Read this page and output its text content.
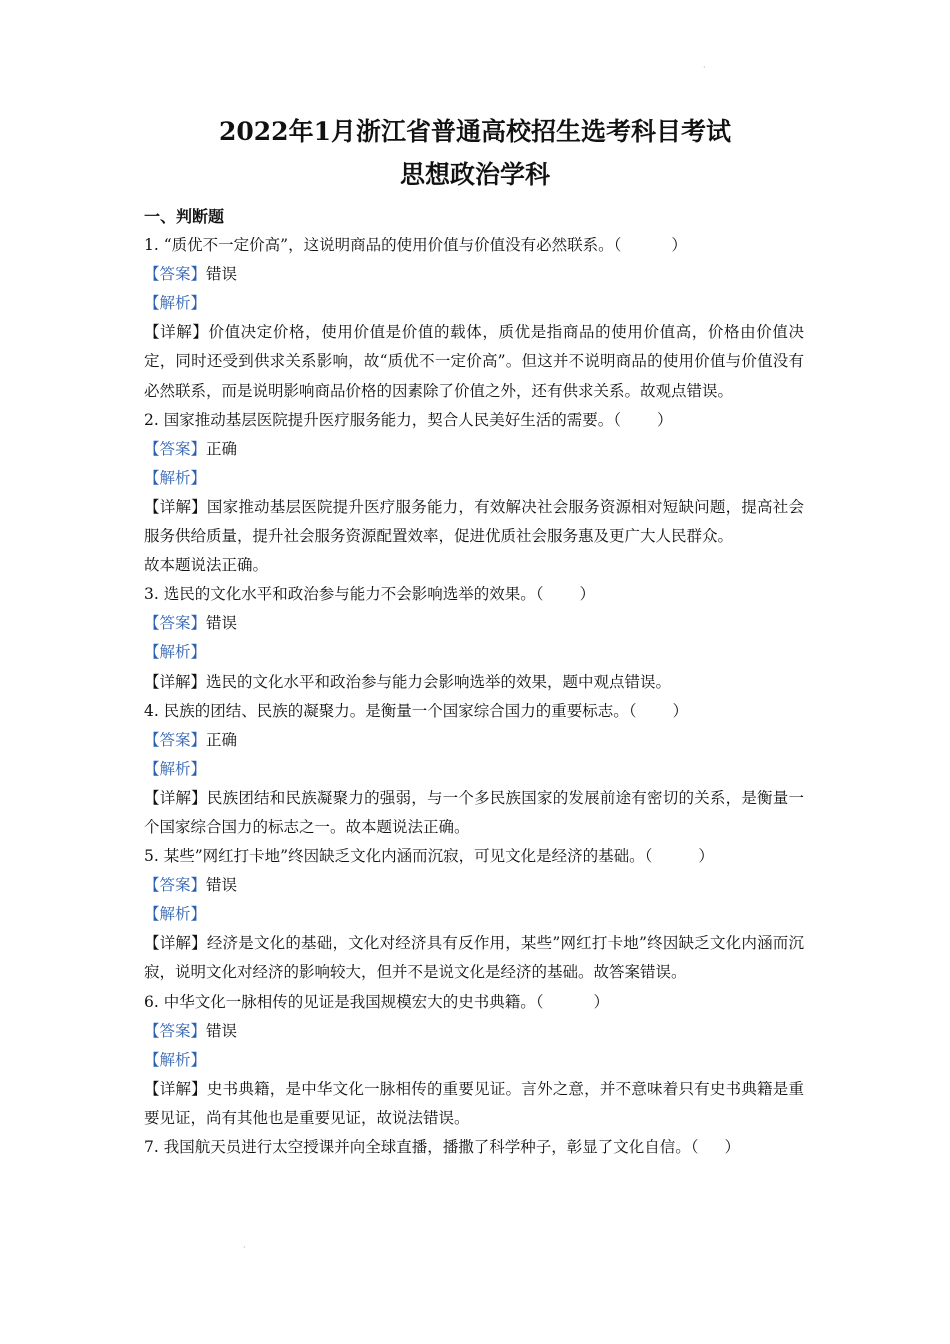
·
2022年1月浙江省普通高校招生选考科目考试
思想政治学科
一、判断题
1. “质优不一定价高”，这说明商品的使用价值与价值没有必然联系。（	）
【答案】错误
【解析】
【详解】价值决定价格，使用价值是价值的载体，质优是指商品的使用价值高，价格由价值决定，同时还受到供求关系影响，故“质优不一定价高”。但这并不说明商品的使用价值与价值没有必然联系，而是说明影响商品价格的因素除了价值之外，还有供求关系。故观点错误。
2. 国家推动基层医院提升医疗服务能力，契合人民美好生活的需要。（ ）
【答案】正确
【解析】
【详解】国家推动基层医院提升医疗服务能力，有效解决社会服务资源相对短缺问题，提高社会服务供给质量，提升社会服务资源配置效率，促进优质社会服务惠及更广大人民群众。
故本题说法正确。
3. 选民的文化水平和政治参与能力不会影响选举的效果。（ ）
【答案】错误
【解析】
【详解】选民的文化水平和政治参与能力会影响选举的效果，题中观点错误。
4. 民族的团结、民族的凝聚力。是衡量一个国家综合国力的重要标志。（ ）
【答案】正确
【解析】
【详解】民族团结和民族凝聚力的强弱，与一个多民族国家的发展前途有密切的关系，是衡量一个国家综合国力的标志之一。故本题说法正确。
5. 某些”网红打卡地”终因缺乏文化内涵而沉寂，可见文化是经济的基础。（	）
【答案】错误
【解析】
【详解】经济是文化的基础，文化对经济具有反作用，某些”网红打卡地”终因缺乏文化内涵而沉寂，说明文化对经济的影响较大，但并不是说文化是经济的基础。故答案错误。
6. 中华文化一脉相传的见证是我国规模宏大的史书典籍。（	）
【答案】错误
【解析】
【详解】史书典籍，是中华文化一脉相传的重要见证。言外之意，并不意味着只有史书典籍是重要见证，尚有其他也是重要见证，故说法错误。
7. 我国航天员进行太空授课并向全球直播，播撒了科学种子，彰显了文化自信。（ ）
·
